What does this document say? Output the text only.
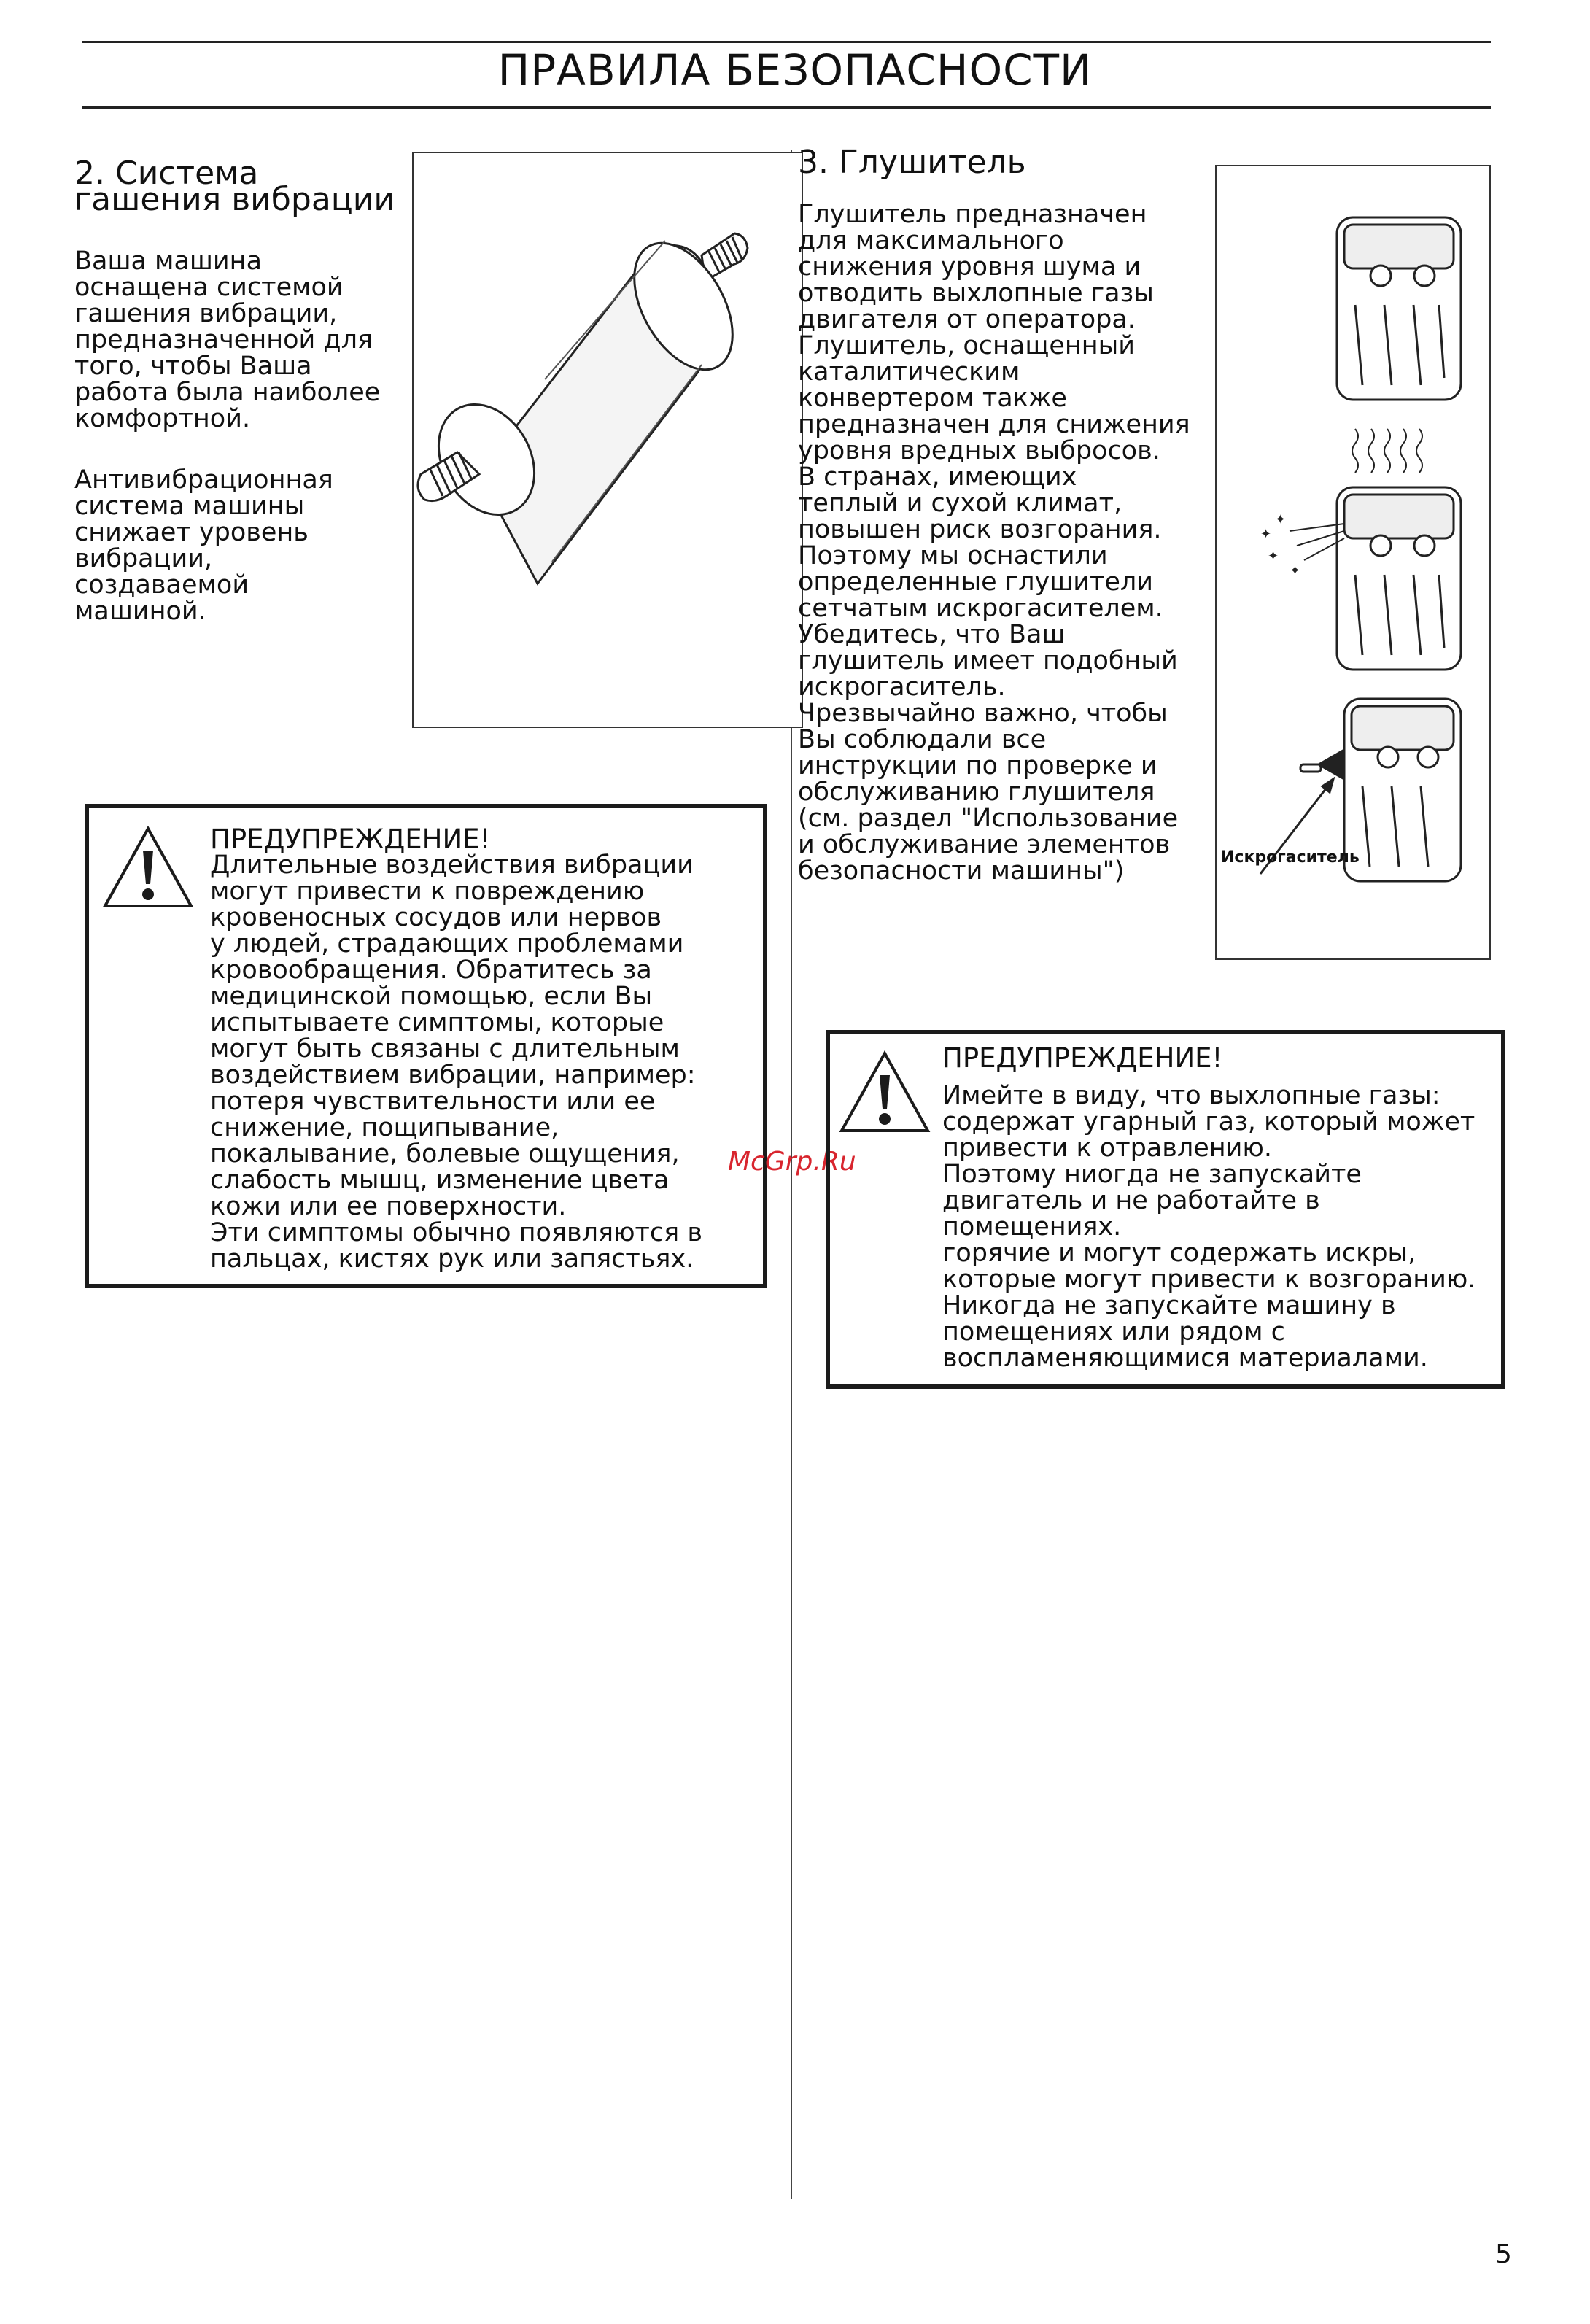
ПРАВИЛА БЕЗОПАСНОСТИ
2. Система
гашения вибрации
Ваша машина
оснащена системой
гашения вибрации,
предназначенной для
того, чтобы Ваша
работа была наиболее
комфортной.
Антивибрационная
система машины
снижает уровень
вибрации,
создаваемой
машиной.
ПРЕДУПРЕЖДЕНИЕ!
Длительные воздействия вибрации
могут привести к повреждению
кровеносных сосудов или нервов
у людей, страдающих проблемами
кровообращения. Обратитесь за
медицинской помощью, если Вы
испытываете симптомы, которые
могут быть связаны с длительным
воздействием вибрации, например:
потеря чувствительности или ее
снижение, пощипывание,
покалывание, болевые ощущения,
слабость мышц, изменение цвета
кожи или ее поверхности.
Эти симптомы обычно появляются в
пальцах, кистях рук или запястьях.
3. Глушитель
Глушитель предназначен
для максимального
снижения уровня шума и
отводить выхлопные газы
двигателя от оператора.
Глушитель, оснащенный
каталитическим
конвертером также
предназначен для снижения
уровня вредных выбросов.
В странах, имеющих
теплый и сухой климат,
повышен риск возгорания.
Поэтому мы оснастили
определенные глушители
сетчатым искрогасителем.
Убедитесь, что Ваш
глушитель имеет подобный
искрогаситель.
Чрезвычайно важно, чтобы
Вы соблюдали все
инструкции по проверке и
обслуживанию глушителя
(см. раздел "Использование
и обслуживание элементов
безопасности машины")
✦
✦
✦
✦
Искрогаситель
McGrp.Ru
ПРЕДУПРЕЖДЕНИЕ!
Имейте в виду, что выхлопные газы:
содержат угарный газ, который может
привести к отравлению.
Поэтому ниогда не запускайте
двигатель и не работайте в
помещениях.
горячие и могут содержать искры,
которые могут привести к возгоранию.
Никогда не запускайте машину в
помещениях или рядом с
воспламеняющимися материалами.
5
